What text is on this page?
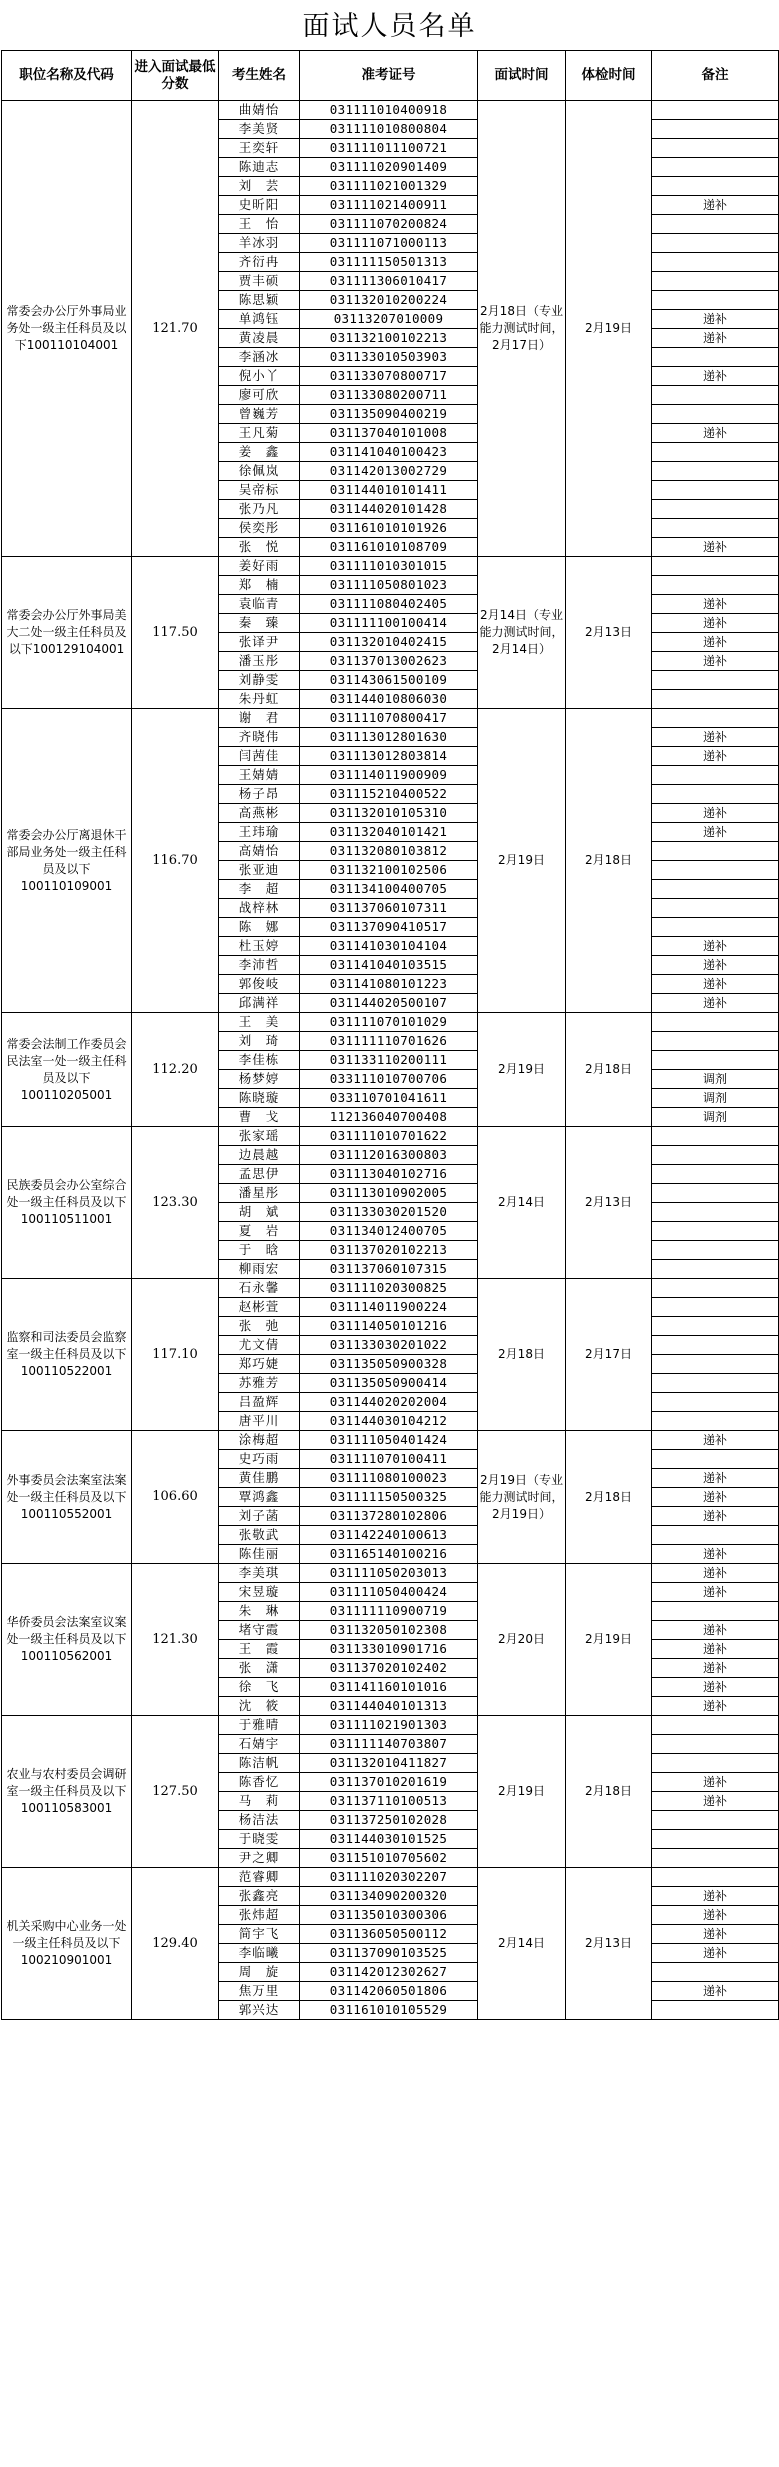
面试人员名单
职位名称及代码	进入面试最低分数	考生姓名	准考证号	面试时间	体检时间	备注
常委会办公厅外事局业务处一级主任科员及以下100110104001	121.70	曲婧怡	031111010400918	2月18日（专业能力测试时间，2月17日）	2月19日	
		李美贤	031111010800804			
		王奕轩	031111011100721			
		陈迪志	031111020901409			
		刘　芸	031111021001329			
		史昕阳	031111021400911			递补
		王　怡	031111070200824			
		羊冰羽	031111071000113			
		齐衍冉	031111150501313			
		贾丰硕	031111306010417			
		陈思颖	031132010200224			
		单鸿钰	03113207010009			递补
		黄凌晨	031132100102213			递补
		李涵冰	031133010503903			
		倪小丫	031133070800717			递补
		廖可欣	031133080200711			
		曾巍芳	031135090400219			
		王凡菊	031137040101008			递补
		姜　鑫	031141040100423			
		徐佩岚	031142013002729			
		吴帝标	031144010101411			
		张乃凡	031144020101428			
		侯奕彤	031161010101926			
		张　悦	031161010108709			递补
常委会办公厅外事局美大二处一级主任科员及以下100129104001	117.50	姜好雨	031111010301015	2月14日（专业能力测试时间，2月14日）	2月13日	
		郑　楠	031111050801023			
		袁临青	031111080402405			递补
		秦　臻	031111100100414			递补
		张译尹	031132010402415			递补
		潘玉彤	031137013002623			递补
		刘静雯	031143061500109			
		朱丹虹	031144010806030			
常委会办公厅离退休干部局业务处一级主任科员及以下100110109001	116.70	谢　君	031111070800417	2月19日	2月18日	
		齐晓伟	031113012801630			递补
		闫茜佳	031113012803814			递补
		王婧婧	031114011900909			
		杨子昂	031115210400522			
		高燕彬	031132010105310			递补
		王玮瑜	031132040101421			递补
		高婧怡	031132080103812			
		张亚迪	031132100102506			
		李　超	031134100400705			
		战梓林	031137060107311			
		陈　娜	031137090410517			
		杜玉婷	031141030104104			递补
		李沛哲	031141040103515			递补
		郭俊岐	031141080101223			递补
		邱满祥	031144020500107			递补
常委会法制工作委员会民法室一处一级主任科员及以下100110205001	112.20	王　美	031111070101029	2月19日	2月18日	
		刘　琦	031111110701626			
		李佳栋	031133110200111			
		杨梦婷	033111010700706			调剂
		陈晓璇	033110701041611			调剂
		曹　戈	112136040700408			调剂
民族委员会办公室综合处一级主任科员及以下100110511001	123.30	张家瑶	031111010701622	2月14日	2月13日	
		边晨越	031112016300803			
		孟思伊	031113040102716			
		潘星彤	031113010902005			
		胡　斌	031133030201520			
		夏　岩	031134012400705			
		于　晗	031137020102213			
		柳雨宏	031137060107315			
监察和司法委员会监察室一级主任科员及以下100110522001	117.10	石永馨	031111020300825	2月18日	2月17日	
		赵彬萱	031114011900224			
		张　弛	031114050101216			
		尤文倩	031133030201022			
		郑巧婕	031135050900328			
		苏雅芳	031135050900414			
		吕盈辉	031144020202004			
		唐平川	031144030104212			
外事委员会法案室法案处一级主任科员及以下100110552001	106.60	涂梅超	031111050401424	2月19日（专业能力测试时间，2月19日）	2月18日	递补
		史巧雨	031111070100411			
		黄佳鹏	031111080100023			递补
		覃鸿鑫	031111150500325			递补
		刘子菡	031137280102806			递补
		张敬武	031142240100613			
		陈佳丽	031165140100216			递补
华侨委员会法案室议案处一级主任科员及以下100110562001	121.30	李美琪	031111050203013	2月20日	2月19日	递补
		宋昱璇	031111050400424			递补
		朱　琳	031111110900719			
		堵守霞	031132050102308			递补
		王　霞	031133010901716			递补
		张　潇	031137020102402			递补
		徐　飞	031141160101016			递补
		沈　筱	031144040101313			递补
农业与农村委员会调研室一级主任科员及以下100110583001	127.50	于雅晴	031111021901303	2月19日	2月18日	
		石婧宇	031111140703807			
		陈洁帆	031132010411827			
		陈香忆	031137010201619			递补
		马　莉	031137110100513			递补
		杨洁法	031137250102028			
		于晓雯	031144030101525			
		尹之卿	031151010705602			
机关采购中心业务一处一级主任科员及以下100210901001	129.40	范睿卿	031111020302207	2月14日	2月13日	
		张鑫亮	031134090200320			递补
		张炜超	031135010300306			递补
		简宇飞	031136050500112			递补
		李临曦	031137090103525			递补
		周　旋	031142012302627			
		焦万里	031142060501806			递补
		郭兴达	031161010105529			
